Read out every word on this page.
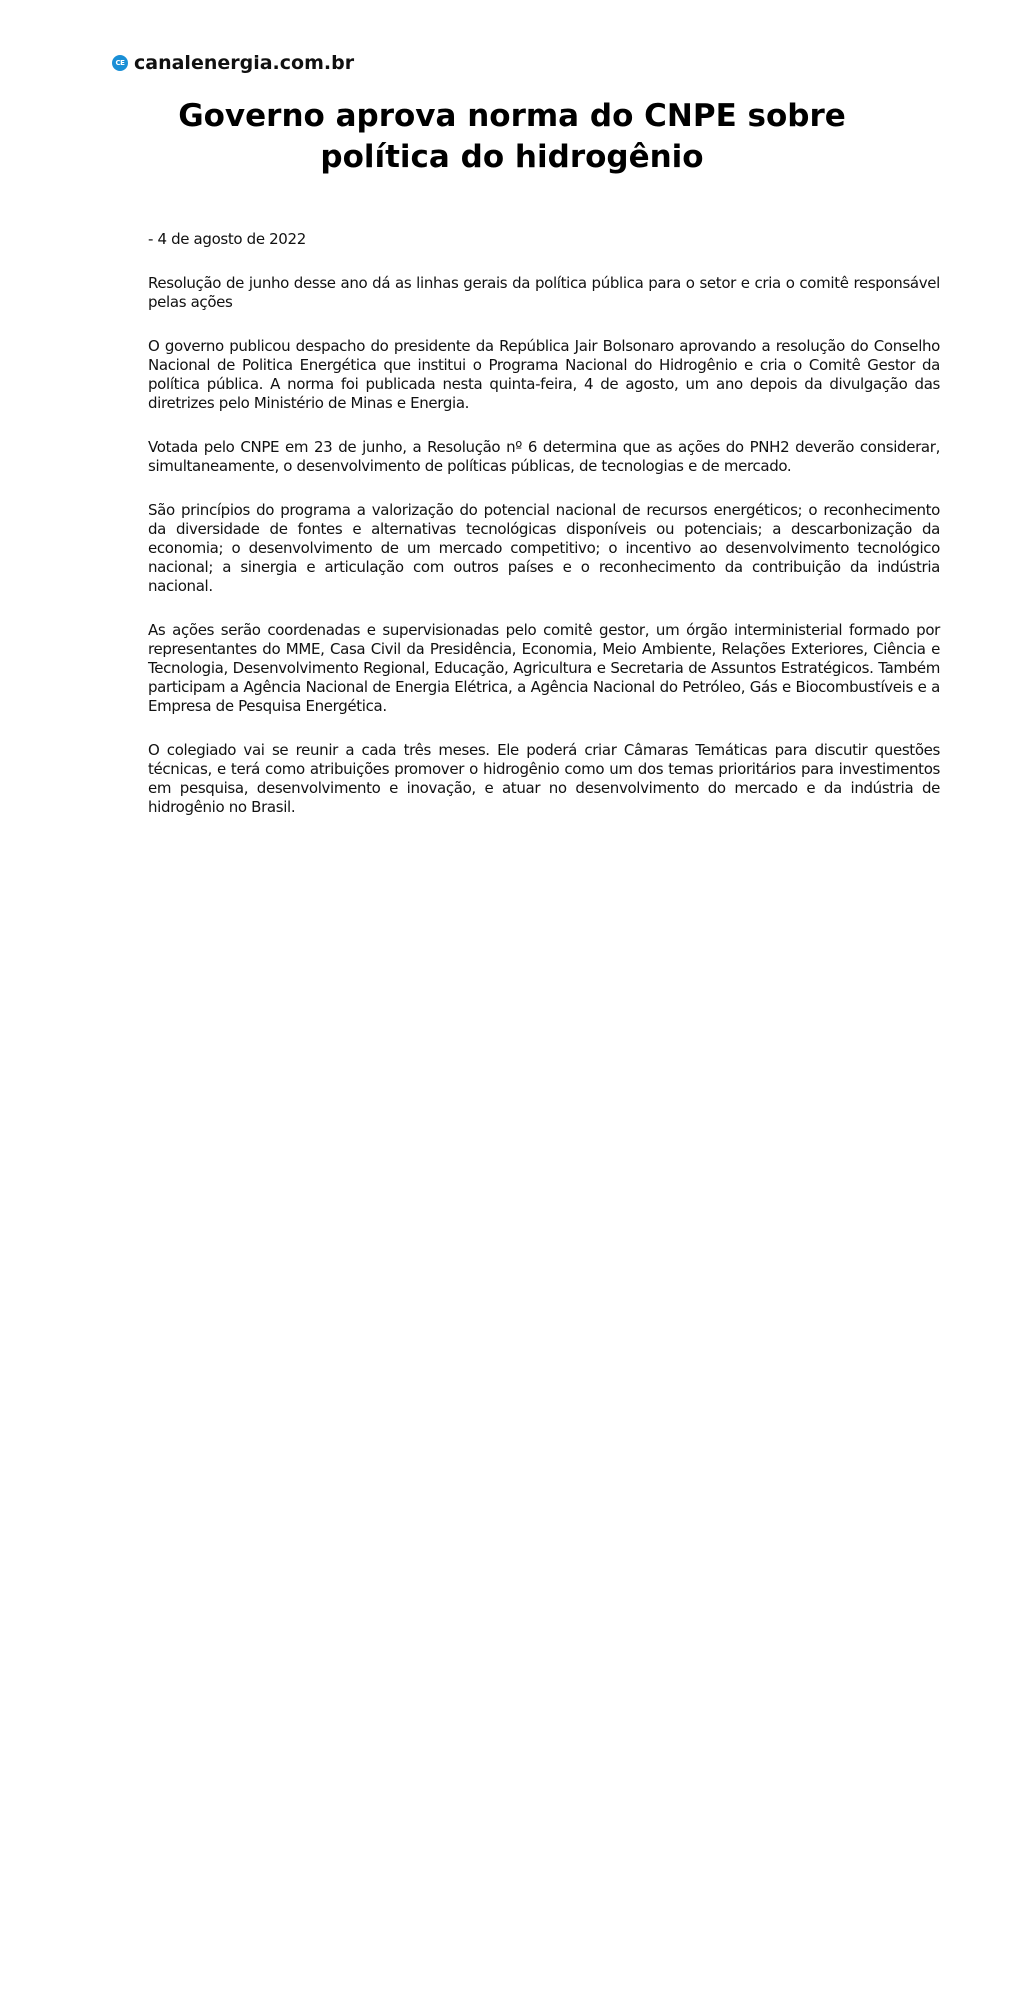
CE canalenergia.com.br
Governo aprova norma do CNPE sobre política do hidrogênio

- 4 de agosto de 2022

Resolução de junho desse ano dá as linhas gerais da política pública para o setor e cria o comitê responsável pelas ações

O governo publicou despacho do presidente da República Jair Bolsonaro aprovando a resolução do Conselho Nacional de Politica Energética que institui o Programa Nacional do Hidrogênio e cria o Comitê Gestor da política pública. A norma foi publicada nesta quinta-feira, 4 de agosto, um ano depois da divulgação das diretrizes pelo Ministério de Minas e Energia.

Votada pelo CNPE em 23 de junho, a Resolução nº 6 determina que as ações do PNH2 deverão considerar, simultaneamente, o desenvolvimento de políticas públicas, de tecnologias e de mercado.

São princípios do programa a valorização do potencial nacional de recursos energéticos; o reconhecimento da diversidade de fontes e alternativas tecnológicas disponíveis ou potenciais; a descarbonização da economia; o desenvolvimento de um mercado competitivo; o incentivo ao desenvolvimento tecnológico nacional; a sinergia e articulação com outros países e o reconhecimento da contribuição da indústria nacional.

As ações serão coordenadas e supervisionadas pelo comitê gestor, um órgão interministerial formado por representantes do MME, Casa Civil da Presidência, Economia, Meio Ambiente, Relações Exteriores, Ciência e Tecnologia, Desenvolvimento Regional, Educação, Agricultura e Secretaria de Assuntos Estratégicos. Também participam a Agência Nacional de Energia Elétrica, a Agência Nacional do Petróleo, Gás e Biocombustíveis e a Empresa de Pesquisa Energética.

O colegiado vai se reunir a cada três meses. Ele poderá criar Câmaras Temáticas para discutir questões técnicas, e terá como atribuições promover o hidrogênio como um dos temas prioritários para investimentos em pesquisa, desenvolvimento e inovação, e atuar no desenvolvimento do mercado e da indústria de hidrogênio no Brasil.
